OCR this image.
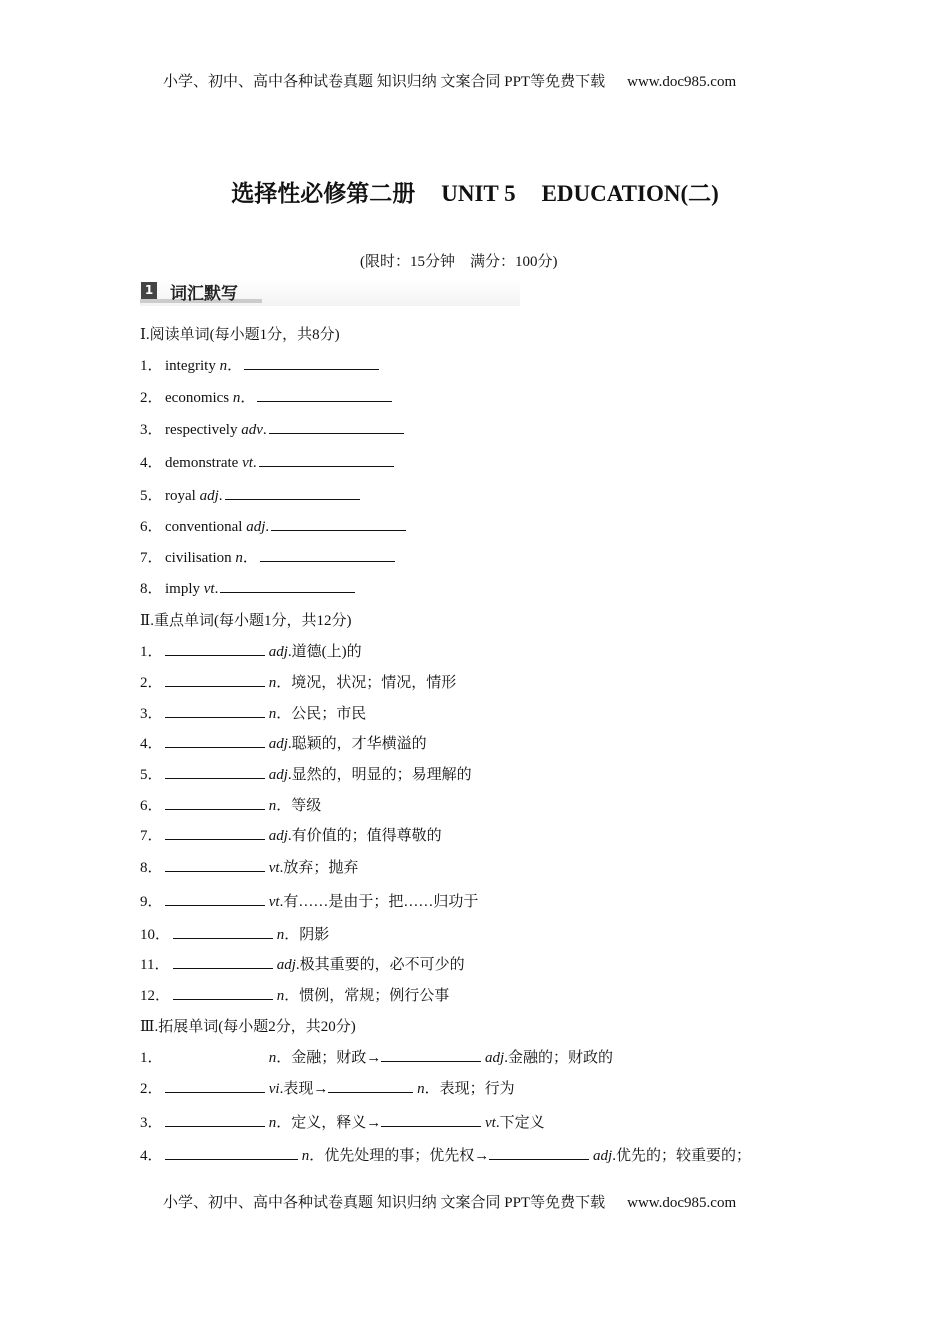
小学、初中、高中各种试卷真题 知识归纳 文案合同 PPT等免费下载 www.doc985.com
选择性必修第二册 UNIT 5 EDUCATION(二)
(限时：15分钟　满分：100分)
1 词汇默写
Ⅰ.阅读单词(每小题1分，共8分)
1． integrity n．
2． economics n．
3． respectively adv.
4． demonstrate vt.
5． royal adj.
6． conventional adj.
7． civilisation n．
8． imply vt.
Ⅱ.重点单词(每小题1分，共12分)
1．	adj.道德(上)的
2．	n．境况，状况；情况，情形
3．	n．公民；市民
4．	adj.聪颖的，才华横溢的
5．	adj.显然的，明显的；易理解的
6．	n．等级
7．	adj.有价值的；值得尊敬的
8．	vt.放弃；抛弃
9．	vt.有……是由于；把……归功于
10．	n．阴影
11．	adj.极其重要的，必不可少的
12．	n．惯例，常规；例行公事
Ⅲ.拓展单词(每小题2分，共20分)
1．	n．金融；财政→	adj.金融的；财政的
2．	vi.表现→	n．表现；行为
3．	n．定义，释义→	vt.下定义
4．	n．优先处理的事；优先权→	adj.优先的；较重要的；
小学、初中、高中各种试卷真题 知识归纳 文案合同 PPT等免费下载 www.doc985.com
